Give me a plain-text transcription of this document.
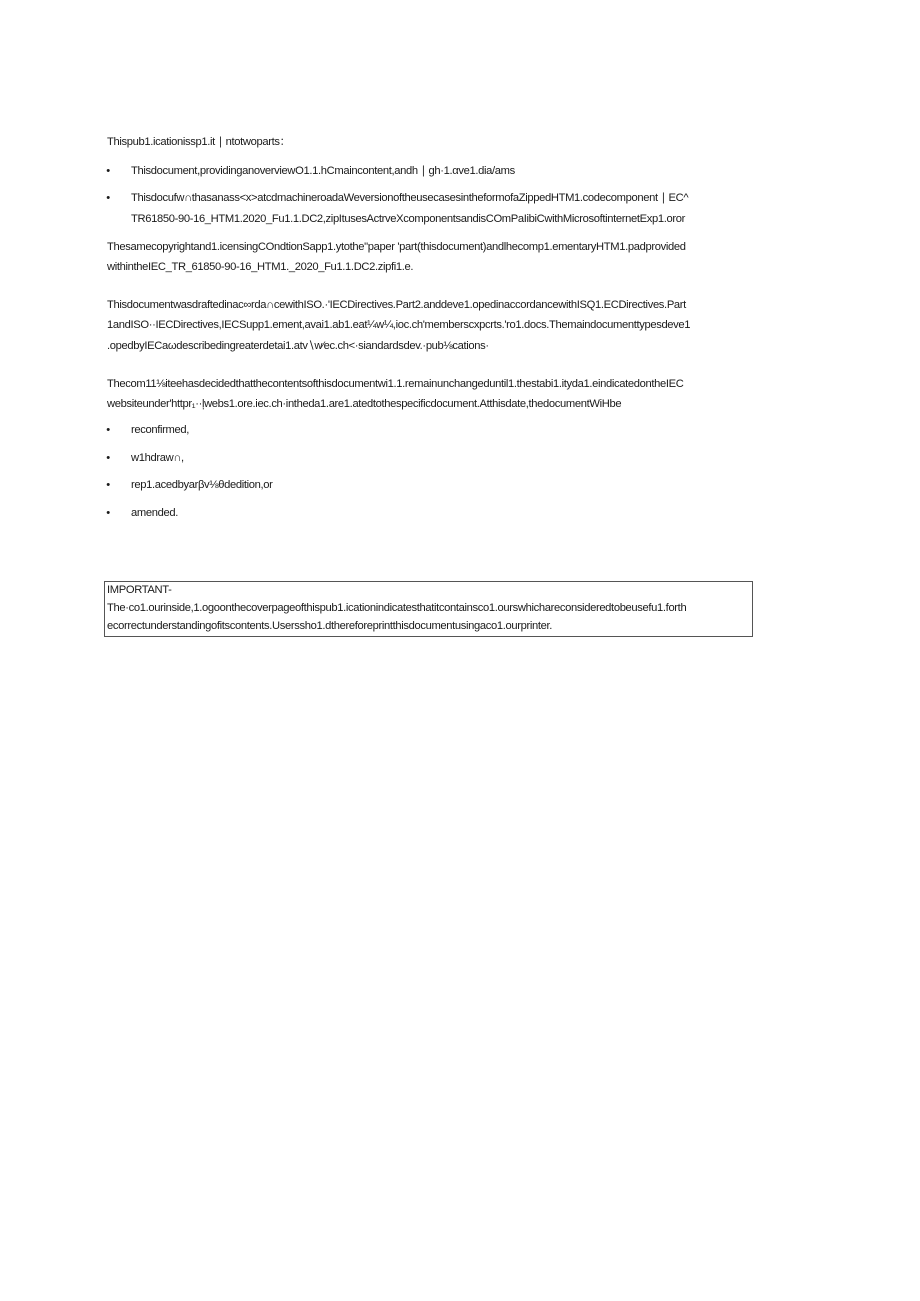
Thispub1.icationissp1.it ∣ ntotwoparts：
• Thisdocument,providinganoverviewO1.1.hCmaincontent,andh ∣ gh·1.αve1.dia/ams
• Thisdocufw∩thasanass<x>atcdmachineroadaWeversionoftheusecasesintheformofaZippedHTM1.codecomponent ∣ EC^
TR61850-90-16_HTM1.2020_Fu1.1.DC2,zipItusesActrveXcomponentsandisCOmPaIibiCwithMicrosoftinternetExp1.oror
Thesamecopyrightand1.icensingCOndtionSapp1.ytothe"paper 'part(thisdocument)andlhecomp1.ementaryHTM1.padprovided
withintheIEC_TR_61850-90-16_HTM1._2020_Fu1.1.DC2.zipfi1.e.
Thisdocumentwasdraftedinac∞rda∩cewithISO.·'IECDirectives.Part2.anddeve1.opedinaccordancewithISQ1.ECDirectives.Part
1andISO··IECDirectives,IECSupp1.ement,avai1.ab1.eat¼w¼,ioc.ch'memberscxpcrts.'ro1.docs.Themaindocumenttypesdeve1
.opedbyIECaωdescribedingreaterdetai1.atv∖w⁄ec.ch<·siandardsdev.·pub⅛cations·
Thecom11⅛iteehasdecidedthatthecontentsofthisdocumentwi1.1.remainunchangeduntil1.thestabi1.ityda1.eindicatedontheIEC
websiteunder'httpr₁··ļwebs1.ore.iec.ch·intheda1.are1.atedtothespecificdocument.Atthisdate,thedocumentWiHbe
• reconfirmed,
• w1hdraw∩,
• rep1.acedbyarβv⅛θdedition,or
• amended.
IMPORTANT-
The·co1.ourinside,1.ogoonthecoverpageofthispub1.icationindicatesthatitcontainsco1.ourswhichareconsideredtobeusefu1.forth
ecorrectunderstandingofitscontents.Userssho1.dthereforeprintthisdocumentusingaco1.ourprinter.
